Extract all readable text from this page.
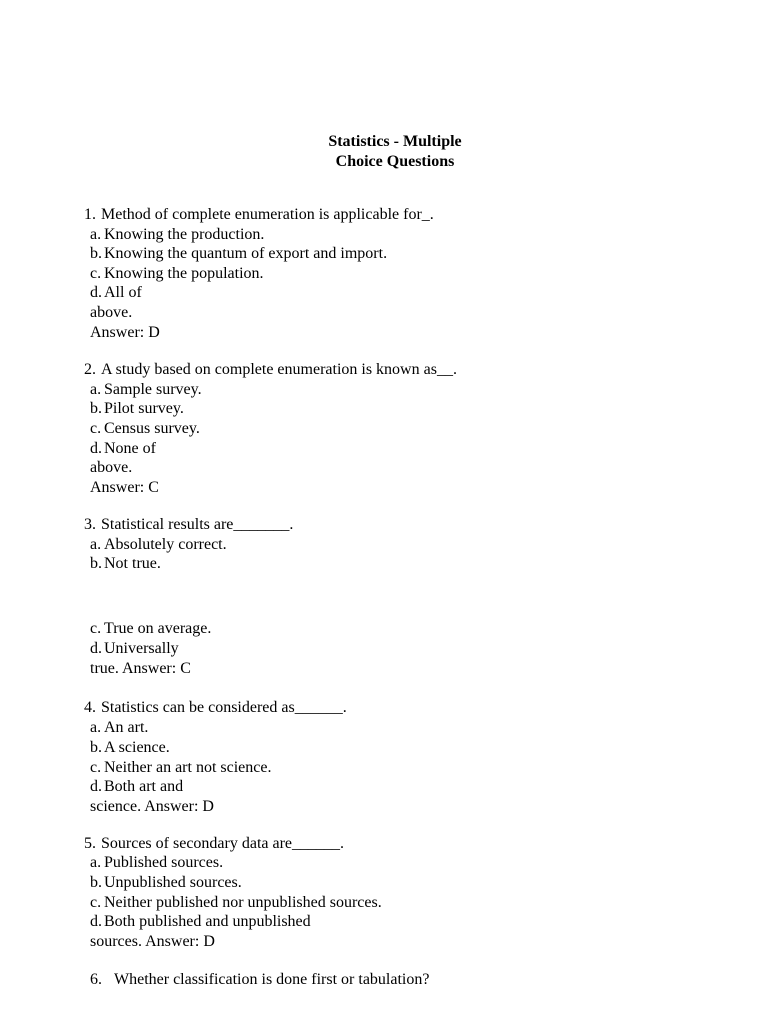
Statistics - Multiple
Choice Questions
1. Method of complete enumeration is applicable for_.
a. Knowing the production.
b. Knowing the quantum of export and import.
c. Knowing the population.
d. All of
above.
Answer: D
2. A study based on complete enumeration is known as__.
a. Sample survey.
b. Pilot survey.
c. Census survey.
d. None of
above.
Answer: C
3. Statistical results are_______.
a. Absolutely correct.
b. Not true.
c. True on average.
d. Universally
true. Answer: C
4. Statistics can be considered as______.
a. An art.
b. A science.
c. Neither an art not science.
d. Both art and
science. Answer: D
5. Sources of secondary data are______.
a. Published sources.
b. Unpublished sources.
c. Neither published nor unpublished sources.
d. Both published and unpublished
sources. Answer: D
6. Whether classification is done first or tabulation?
